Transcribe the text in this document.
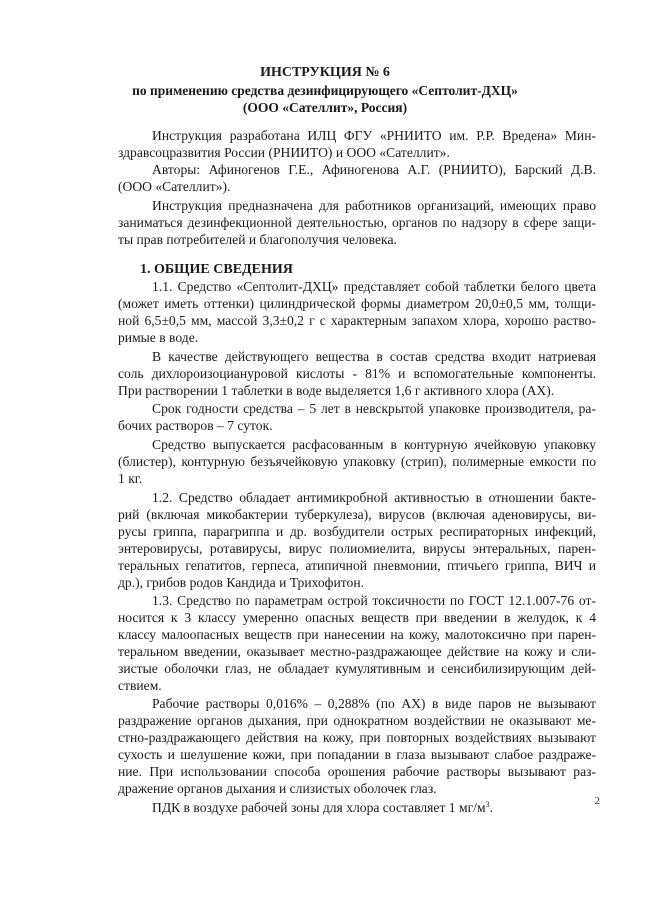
ИНСТРУКЦИЯ № 6
по применению средства дезинфицирующего «Септолит-ДХЦ»
(ООО «Сателлит», Россия)
Инструкция разработана ИЛЦ ФГУ «РНИИТО им. Р.Р. Вредена» Мин-
здравсоцразвития России (РНИИТО) и ООО «Сателлит».
Авторы: Афиногенов Г.Е., Афиногенова А.Г. (РНИИТО), Барский Д.В.
(ООО «Сателлит»).
Инструкция предназначена для работников организаций, имеющих право
заниматься дезинфекционной деятельностью, органов по надзору в сфере защи-
ты прав потребителей и благополучия человека.
1. ОБЩИЕ СВЕДЕНИЯ
1.1. Средство «Септолит-ДХЦ» представляет собой таблетки белого цвета
(может иметь оттенки) цилиндрической формы диаметром 20,0±0,5 мм, толщи-
ной 6,5±0,5 мм, массой 3,3±0,2 г с характерным запахом хлора, хорошо раство-
римые в воде.
В качестве действующего вещества в состав средства входит натриевая
соль дихлороизоциануровой кислоты - 81% и вспомогательные компоненты.
При растворении 1 таблетки в воде выделяется 1,6 г активного хлора (АХ).
Срок годности средства – 5 лет в невскрытой упаковке производителя, ра-
бочих растворов – 7 суток.
Средство выпускается расфасованным в контурную ячейковую упаковку
(блистер), контурную безъячейковую упаковку (стрип), полимерные емкости по
1 кг.
1.2. Средство обладает антимикробной активностью в отношении бакте-
рий (включая микобактерии туберкулеза), вирусов (включая аденовирусы, ви-
русы гриппа, парагриппа и др. возбудители острых респираторных инфекций,
энтеровирусы, ротавирусы, вирус полиомиелита, вирусы энтеральных, парен-
теральных гепатитов, герпеса, атипичной пневмонии, птичьего гриппа, ВИЧ и
др.), грибов родов Кандида и Трихофитон.
1.3. Средство по параметрам острой токсичности по ГОСТ 12.1.007-76 от-
носится к 3 классу умеренно опасных веществ при введении в желудок, к 4
классу малоопасных веществ при нанесении на кожу, малотоксично при парен-
теральном введении, оказывает местно-раздражающее действие на кожу и сли-
зистые оболочки глаз, не обладает кумулятивным и сенсибилизирующим дей-
ствием.
Рабочие растворы 0,016% – 0,288% (по АХ) в виде паров не вызывают
раздражение органов дыхания, при однократном воздействии не оказывают ме-
стно-раздражающего действия на кожу, при повторных воздействиях вызывают
сухость и шелушение кожи, при попадании в глаза вызывают слабое раздраже-
ние. При использовании способа орошения рабочие растворы вызывают раз-
дражение органов дыхания и слизистых оболочек глаз.
ПДК в воздухе рабочей зоны для хлора составляет 1 $мг/м^3$.	2
